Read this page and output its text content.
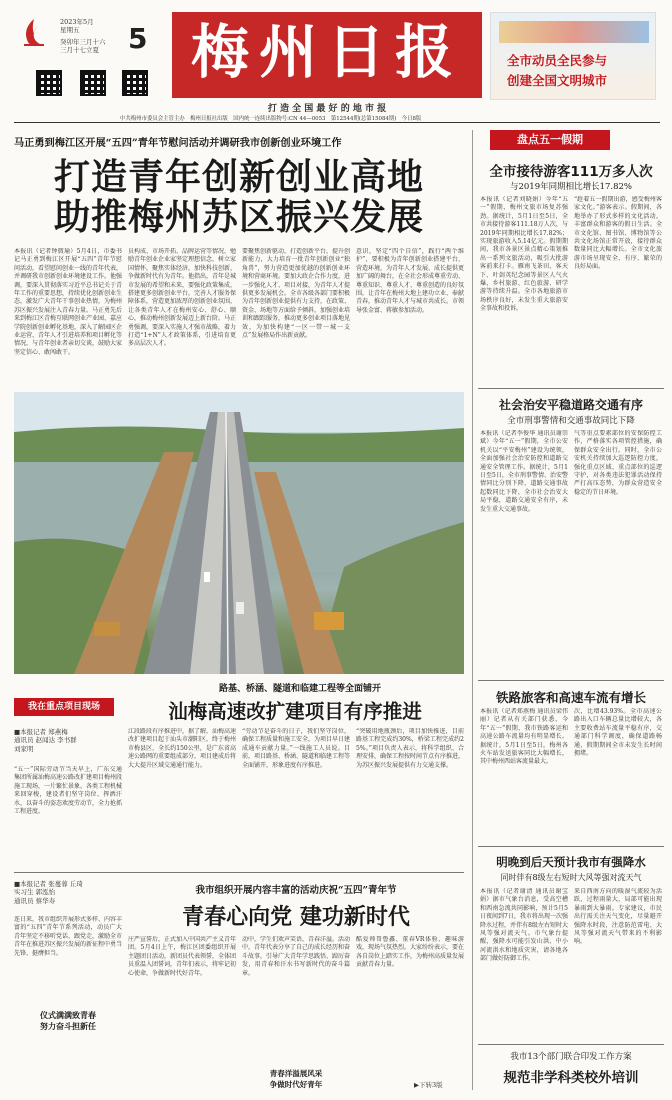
2023年5月
星期五
癸卯年三月十六
三月十七立夏	5 梅州日报
打 造 全 国 最 好 的 地 市 报
全市动员全民参与
创建全国文明城市
中共梅州市委员会主管主办　梅州日报社出版　国内统一连续出版物号:CN 44—0053　第12544期(总第15084期)　今日8版
马正勇到梅江区开展“五四”青年节慰问活动并调研我市创新创业环境工作
打造青年创新创业高地
助推梅州苏区振兴发展
本报讯（记者钟微瑜）5月4日，市委书记马正勇到梅江区开展“五四”青年节慰问活动，看望慰问创业一线的青年代表，并调研我市创新创业环境建设工作。他强调，要深入贯彻落实习近平总书记关于青年工作的重要思想，持续优化创新创业生态，激发广大青年干事创业热情，为梅州苏区振兴发展注入青春力量。马正勇先后来到梅江区青梅互联网创业产业园、嘉应学院创新创业孵化基地，深入了解园区企业运营、青年人才引进培养和项目孵化等情况，与青年创业者亲切交谈，鼓励大家坚定信心、敢闯敢干。
员构成、市场开拓、品牌运营等情况，勉励青年创业企业家坚定理想信念，树立家国情怀，聚焦实体经济，加快科技创新，争做新时代有为青年。他指出，青年是城市发展的希望和未来，要强化政策集成，搭建更多创新创业平台，完善人才服务保障体系，营造更加浓厚的创新创业氛围，让各类青年人才在梅州安心、舒心、顺心，推动梅州创新发展迈上新台阶。马正勇强调，要深入实施人才强市战略，着力打造“1+N”人才政策体系，引进培育更多高层次人才。
要聚焦创新驱动，打造创新平台，提升创新能力，大力培育一批青年创新创业“独角兽”，努力营造更加优越的创新创业环境和营商环境。要加大政企合作力度，进一步强化人才、项目对接，为青年人才提供更多发展机会。全市各级各部门要积极为青年创新创业提供有力支持，在政策、资金、场地等方面给予倾斜，加强创业培训和跟踪服务，推动更多创业项目落地见效，为加快构建“一区一带一城一支点”发展格局作出新贡献。
意识，坚定“四个自信”，践行“两个维护”，要积极为青年创新创业搭建平台、营造环境，为青年人才发展、成长提供更加广阔的舞台，在全社会形成尊重劳动、尊重知识、尊重人才、尊重创造的良好氛围，让青年在梅州大地上建功立业、奉献青春，推动青年人才与城市共成长。市领导张金富、蒋敏参加活动。
路基、桥涵、隧道和临建工程等全面铺开
我在重点项目现场	汕梅高速改扩建项目有序推进
■本报记者 郑燕梅
通讯员 赵闻达 李书群
刘家明
“五一”国际劳动节当天早上，广东交通集团所属汕梅高速公路改扩建项目梅州段施工现场，一片繁忙景象。各类工程机械来回穿梭，建设者们坚守岗位、挥洒汗水，以奋斗的姿态欢度劳动节，全力抢抓工程进度。
江段路段有序推进中，据了解，汕梅高速改扩建项目起于汕头市潮阳区，终于梅州市梅县区，全长约150公里，是广东省高速公路网的重要组成部分，项目建成后将大大提升区域交通通行能力。
“劳动节是奋斗的日子，我们坚守岗位，确保工程质量和施工安全，为项目早日建成通车贡献力量。”一线施工人员说。目前，项目路基、桥涵、隧道和临建工程等全面铺开，形象进度有序推进。
“突破用地瓶颈后，项目加快推进，目前路基工程完成约30%，桥梁工程完成约25%。”项目负责人表示，将科学组织、合理安排，确保工程按时间节点有序推进，为苏区振兴发展提供有力交通支撑。
■本报记者 张蔓蓉 丘琦
实习生 郭泓怡
通讯员 蔡华寿
我市组织开展内容丰富的活动庆祝“五四”青年节
青春心向党 建功新时代
连日来，我市组织开展形式多样、内容丰富的“五四”青年节系列活动，动员广大青年坚定不移听党话、跟党走，激励全市青年在推进苏区振兴发展的新征程中勇当先锋、挺膺担当。
仪式满满致青春
努力奋斗担新任
庄严宣誓后，正式加入中国共产主义青年团。5月4日上午，梅江区团委组织开展主题团日活动，新团员代表领誓，全体团员重温入团誓词，青年们表示，将牢记初心使命，争做新时代好青年。
动中，学生们欢声笑语，青春洋溢。活动中，青年代表分享了自己的成长经历和奋斗故事，引导广大青年学思践悟、踔厉奋发，用青春和汗水书写新时代的奋斗篇章。
青春洋溢展风采
争做时代好青年
酷爱帅哥鲁鑫、董春VR体验、趣味游戏，现场气氛热烈。大家纷纷表示，要在各自岗位上踏实工作，为梅州高质量发展贡献青春力量。
▶下转3版
盘点五一假期
全市接待游客111万多人次
与2019年同期相比增长17.82%
本报讯（记者刘晓娟）今年“五一”假期，梅州文旅市场复苏强劲。据统计，5月1日至5日，全市共接待游客111.18万人次，与2019年同期相比增长17.82%；实现旅游收入5.14亿元。假期期间，我市各景区景点精心策划推出一系列文旅活动，吸引大批游客前来打卡。雁南飞茶田、客天下、叶剑英纪念园等景区人气火爆，乡村旅游、红色旅游、研学游等持续升温。全市各地旅游市场秩序良好，未发生重大旅游安全事故和投诉。
“趁着五一假期出游，感受梅州客家文化。”游客表示。假期间，各地举办了形式多样的文化活动，丰富群众和游客的假日生活。全市文化馆、图书馆、博物馆等公共文化场馆正常开放，接待群众数量同比大幅增长。全市文化旅游市场呈现安全、有序、繁荣的良好局面。
社会治安平稳道路交通有序
全市刑事警情和交通事故同比下降
本报讯（记者李俊华 通讯员谢崇斌）今年“五一”假期，全市公安机关以“平安梅州”建设为统领，全面加强社会治安防控和道路交通安全管理工作。据统计，5月1日至5日，全市刑事警情、治安警情同比分别下降，道路交通事故起数同比下降，全市社会治安大局平稳，道路交通安全有序，未发生重大交通事故。
气等重点要素部位的安保防控工作，严格落实各项管控措施，确保群众安全出行。同时，全市公安机关持续加大巡逻防控力度，强化重点区域、重点部位的巡逻守护，对各类违法犯罪活动保持严打高压态势，为群众营造安全稳定的节日环境。
铁路旅客和高速车流有增长
本报讯（记者郑燕梅 通讯员梁伟丽）记者从有关部门获悉，今年“五一”假期，我市铁路客运和高速公路车流量均有明显增长。据统计，5月1日至5日，梅州各火车站发送旅客同比大幅增长，其中梅州西站客流量最大。
次，比增43.93%。全市高速公路出入口车辆总量比增较大，各主要收费站车流量平稳有序，交通部门科学调度，确保道路畅通，假期期间全市未发生长时间拥堵。
明晚到后天预计我市有强降水
同时伴有8级左右短时大风等强对流天气
本报讯（记者谢清 通讯员谢宝娟）据市气象台消息，受高空槽和西南急流共同影响，预计5月5日夜间到7日，我市将出现一次强降水过程，并伴有8级左右短时大风等强对流天气。市气象台提醒，强降水可能引发山洪、中小河流洪水和地质灾害，请各地各部门做好防御工作。
来自西南方向的暖湿气流较为活跃，过程雨量大，局部可能出现暴雨到大暴雨。专家建议，市民出行需关注天气变化，尽量避开强降水时段，注意防范雷电、大风等强对流天气带来的不利影响。
我市13个部门联合印发工作方案
规范非学科类校外培训
